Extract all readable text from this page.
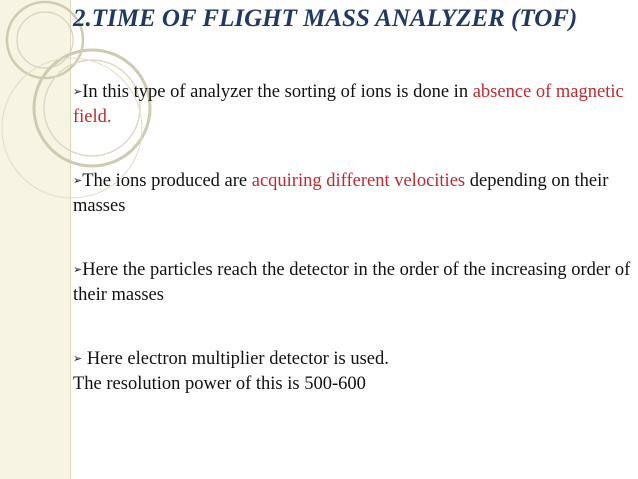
2.TIME OF FLIGHT MASS ANALYZER (TOF)

➢In this type of analyzer the sorting of ions is done in absence of magnetic field.

➢The ions produced are acquiring different velocities depending on their masses

➢Here the particles reach the detector in the order of the increasing order of their masses

➢ Here electron multiplier detector is used.

The resolution power of this is 500-600
